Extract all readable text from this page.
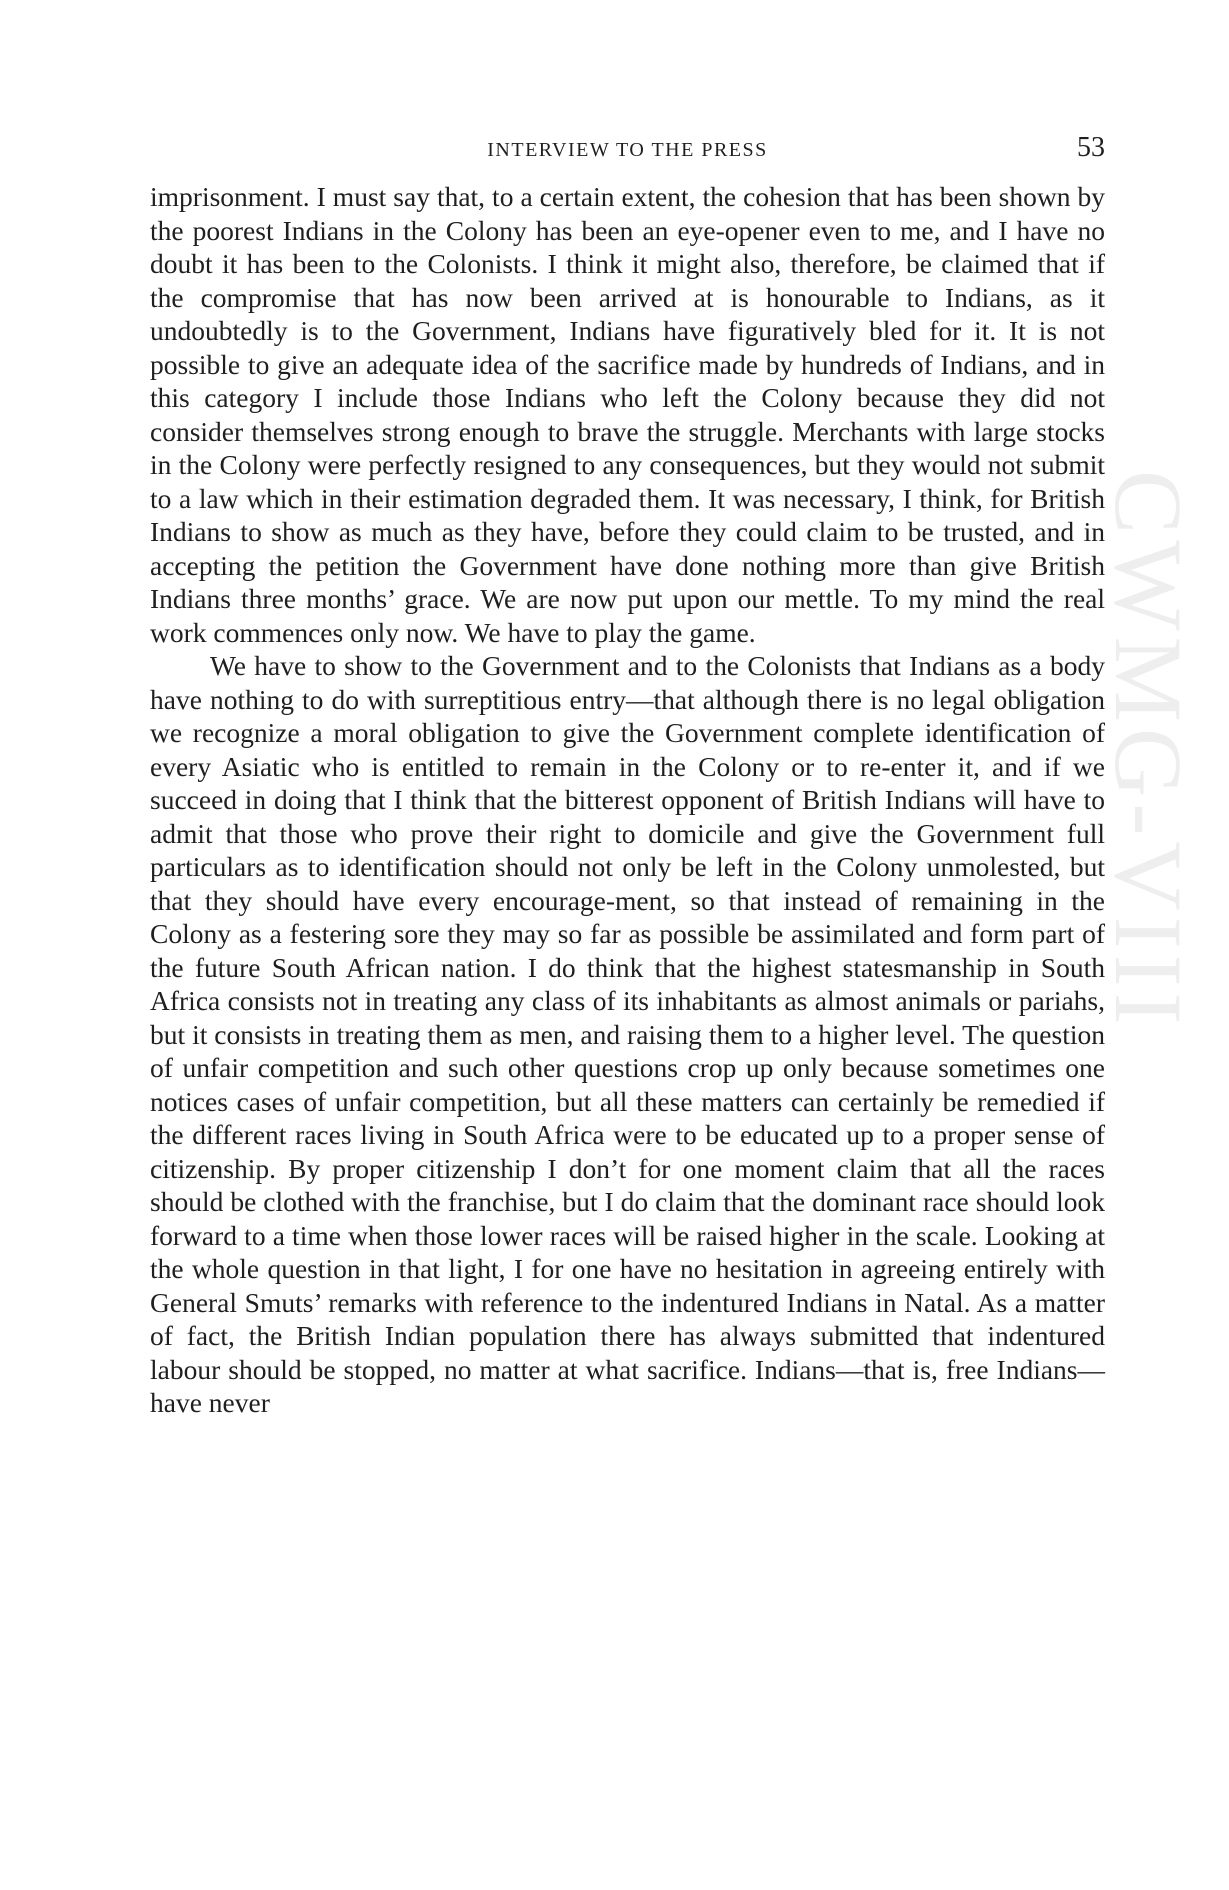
INTERVIEW TO THE PRESS	53
CWMG-VIII

imprisonment. I must say that, to a certain extent, the cohesion that has been shown by the poorest Indians in the Colony has been an eye-opener even to me, and I have no doubt it has been to the Colonists. I think it might also, therefore, be claimed that if the compromise that has now been arrived at is honourable to Indians, as it undoubtedly is to the Government, Indians have figuratively bled for it. It is not possible to give an adequate idea of the sacrifice made by hundreds of Indians, and in this category I include those Indians who left the Colony because they did not consider themselves strong enough to brave the struggle. Merchants with large stocks in the Colony were perfectly resigned to any consequences, but they would not submit to a law which in their estimation degraded them. It was necessary, I think, for British Indians to show as much as they have, before they could claim to be trusted, and in accepting the petition the Government have done nothing more than give British Indians three months’ grace. We are now put upon our mettle. To my mind the real work commences only now. We have to play the game.

We have to show to the Government and to the Colonists that Indians as a body have nothing to do with surreptitious entry—that although there is no legal obligation we recognize a moral obligation to give the Government complete identification of every Asiatic who is entitled to remain in the Colony or to re-enter it, and if we succeed in doing that I think that the bitterest opponent of British Indians will have to admit that those who prove their right to domicile and give the Government full particulars as to identification should not only be left in the Colony unmolested, but that they should have every encourage-ment, so that instead of remaining in the Colony as a festering sore they may so far as possible be assimilated and form part of the future South African nation. I do think that the highest statesmanship in South Africa consists not in treating any class of its inhabitants as almost animals or pariahs, but it consists in treating them as men, and raising them to a higher level. The question of unfair competition and such other questions crop up only because sometimes one notices cases of unfair competition, but all these matters can certainly be remedied if the different races living in South Africa were to be educated up to a proper sense of citizenship. By proper citizenship I don’t for one moment claim that all the races should be clothed with the franchise, but I do claim that the dominant race should look forward to a time when those lower races will be raised higher in the scale. Looking at the whole question in that light, I for one have no hesitation in agreeing entirely with General Smuts’ remarks with reference to the indentured Indians in Natal. As a matter of fact, the British Indian population there has always submitted that indentured labour should be stopped, no matter at what sacrifice. Indians—that is, free Indians—have never
